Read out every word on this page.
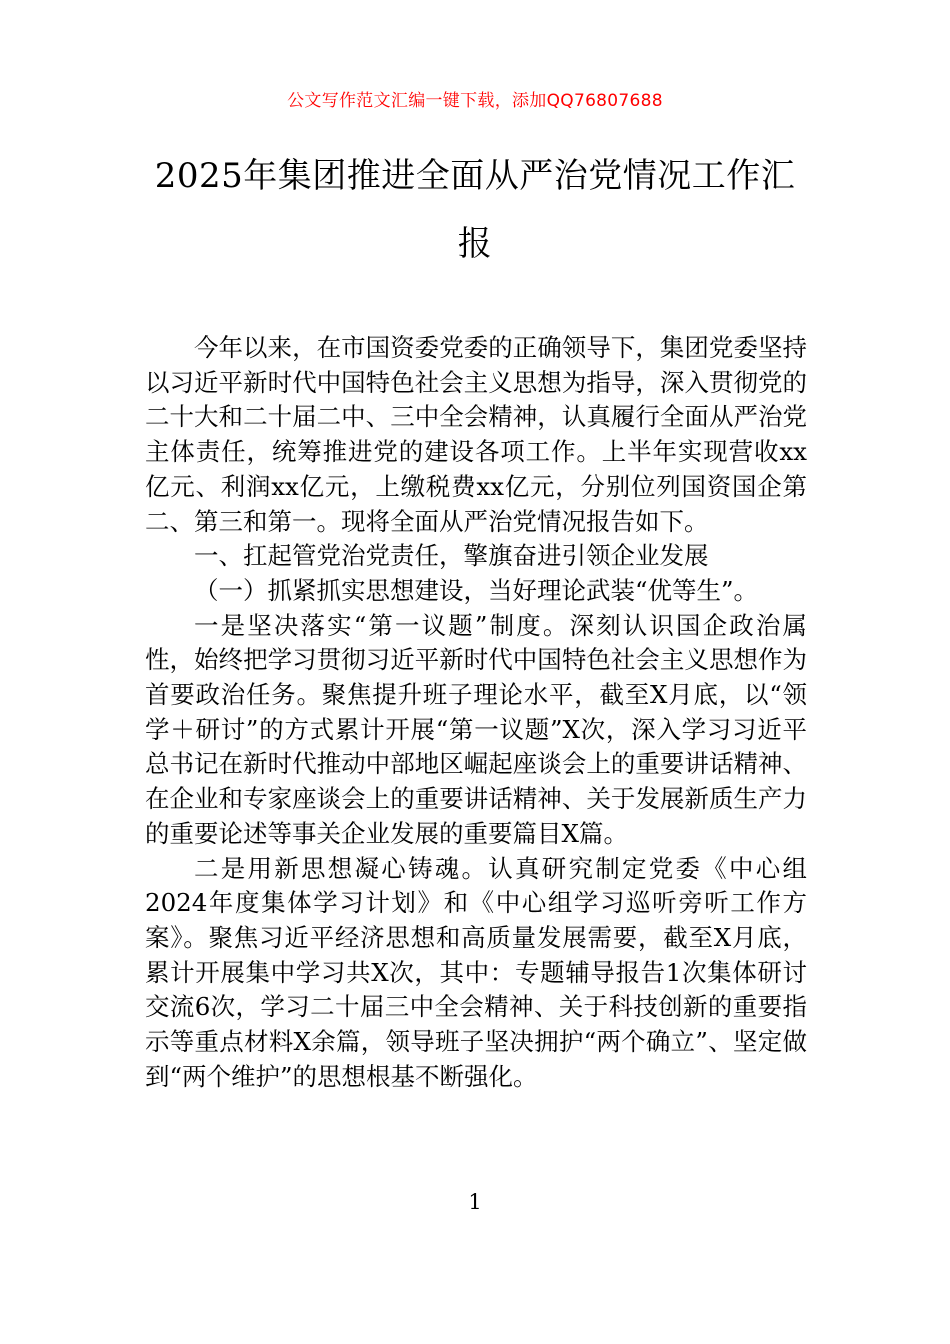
公文写作范文汇编一键下载，添加QQ76807688
2025年集团推进全面从严治党情况工作汇报

今年以来，在市国资委党委的正确领导下，集团党委坚持以习近平新时代中国特色社会主义思想为指导，深入贯彻党的二十大和二十届二中、三中全会精神，认真履行全面从严治党主体责任，统筹推进党的建设各项工作。上半年实现营收xx亿元、利润xx亿元，上缴税费xx亿元，分别位列国资国企第二、第三和第一。现将全面从严治党情况报告如下。

一、扛起管党治党责任，擎旗奋进引领企业发展

（一）抓紧抓实思想建设，当好理论武装“优等生”。

一是坚决落实“第一议题”制度。深刻认识国企政治属性，始终把学习贯彻习近平新时代中国特色社会主义思想作为首要政治任务。聚焦提升班子理论水平，截至X月底，以“领学＋研讨”的方式累计开展“第一议题”X次，深入学习习近平总书记在新时代推动中部地区崛起座谈会上的重要讲话精神、在企业和专家座谈会上的重要讲话精神、关于发展新质生产力的重要论述等事关企业发展的重要篇目X篇。

二是用新思想凝心铸魂。认真研究制定党委《中心组2024年度集体学习计划》和《中心组学习巡听旁听工作方案》。聚焦习近平经济思想和高质量发展需要，截至X月底，累计开展集中学习共X次，其中：专题辅导报告1次集体研讨交流6次，学习二十届三中全会精神、关于科技创新的重要指示等重点材料X余篇，领导班子坚决拥护“两个确立”、坚定做到“两个维护”的思想根基不断强化。

1
